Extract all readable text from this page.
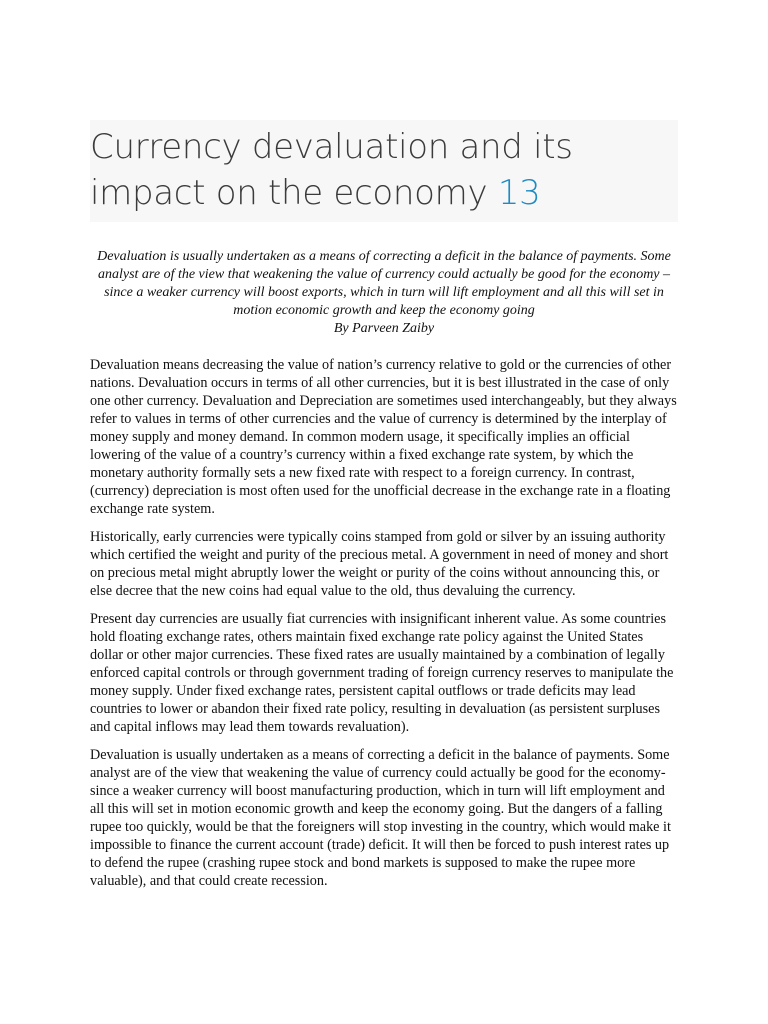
Currency devaluation and its impact on the economy 13

Devaluation is usually undertaken as a means of correcting a deficit in the balance of payments. Some analyst are of the view that weakening the value of currency could actually be good for the economy – since a weaker currency will boost exports, which in turn will lift employment and all this will set in motion economic growth and keep the economy going
By Parveen Zaiby

Devaluation means decreasing the value of nation’s currency relative to gold or the currencies of other nations. Devaluation occurs in terms of all other currencies, but it is best illustrated in the case of only one other currency. Devaluation and Depreciation are sometimes used interchangeably, but they always refer to values in terms of other currencies and the value of currency is determined by the interplay of money supply and money demand. In common modern usage, it specifically implies an official lowering of the value of a country’s currency within a fixed exchange rate system, by which the monetary authority formally sets a new fixed rate with respect to a foreign currency. In contrast, (currency) depreciation is most often used for the unofficial decrease in the exchange rate in a floating exchange rate system.

Historically, early currencies were typically coins stamped from gold or silver by an issuing authority which certified the weight and purity of the precious metal. A government in need of money and short on precious metal might abruptly lower the weight or purity of the coins without announcing this, or else decree that the new coins had equal value to the old, thus devaluing the currency.

Present day currencies are usually fiat currencies with insignificant inherent value. As some countries hold floating exchange rates, others maintain fixed exchange rate policy against the United States dollar or other major currencies. These fixed rates are usually maintained by a combination of legally enforced capital controls or through government trading of foreign currency reserves to manipulate the money supply. Under fixed exchange rates, persistent capital outflows or trade deficits may lead countries to lower or abandon their fixed rate policy, resulting in devaluation (as persistent surpluses and capital inflows may lead them towards revaluation).

Devaluation is usually undertaken as a means of correcting a deficit in the balance of payments. Some analyst are of the view that weakening the value of currency could actually be good for the economy-since a weaker currency will boost manufacturing production, which in turn will lift employment and all this will set in motion economic growth and keep the economy going. But the dangers of a falling rupee too quickly, would be that the foreigners will stop investing in the country, which would make it impossible to finance the current account (trade) deficit. It will then be forced to push interest rates up to defend the rupee (crashing rupee stock and bond markets is supposed to make the rupee more valuable), and that could create recession.
